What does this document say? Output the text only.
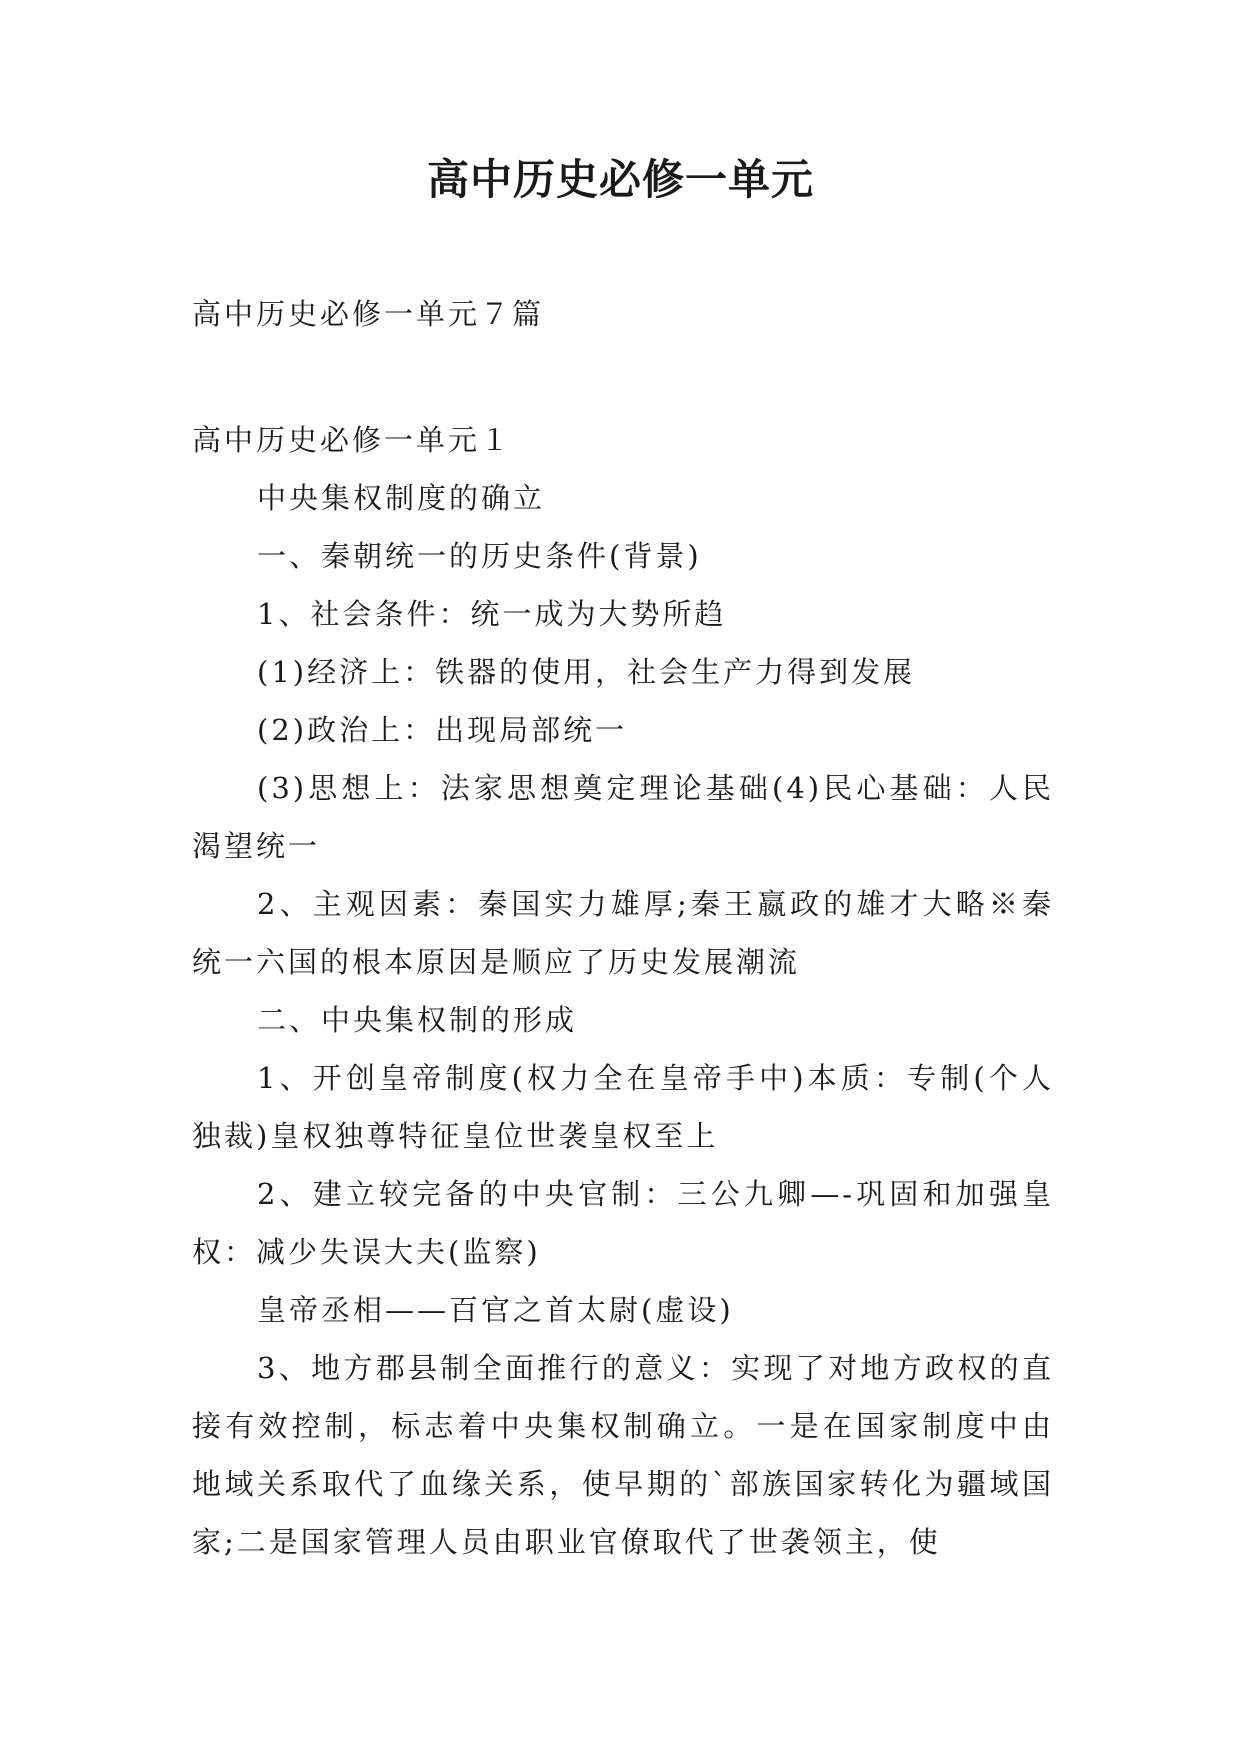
高中历史必修一单元
高中历史必修一单元７篇

高中历史必修一单元１

中央集权制度的确立

一、秦朝统一的历史条件(背景)

1、社会条件：统一成为大势所趋

(1)经济上：铁器的使用，社会生产力得到发展

(2)政治上：出现局部统一

(3)思想上：法家思想奠定理论基础(4)民心基础：人民渴望统一

2、主观因素：秦国实力雄厚;秦王嬴政的雄才大略※秦统一六国的根本原因是顺应了历史发展潮流

二、中央集权制的形成

1、开创皇帝制度(权力全在皇帝手中)本质：专制(个人独裁)皇权独尊特征皇位世袭皇权至上

2、建立较完备的中央官制：三公九卿—-巩固和加强皇权：减少失误大夫(监察)

皇帝丞相——百官之首太尉(虚设)

3、地方郡县制全面推行的意义：实现了对地方政权的直接有效控制，标志着中央集权制确立。一是在国家制度中由地域关系取代了血缘关系，使早期的`部族国家转化为疆域国家;二是国家管理人员由职业官僚取代了世袭领主，使
